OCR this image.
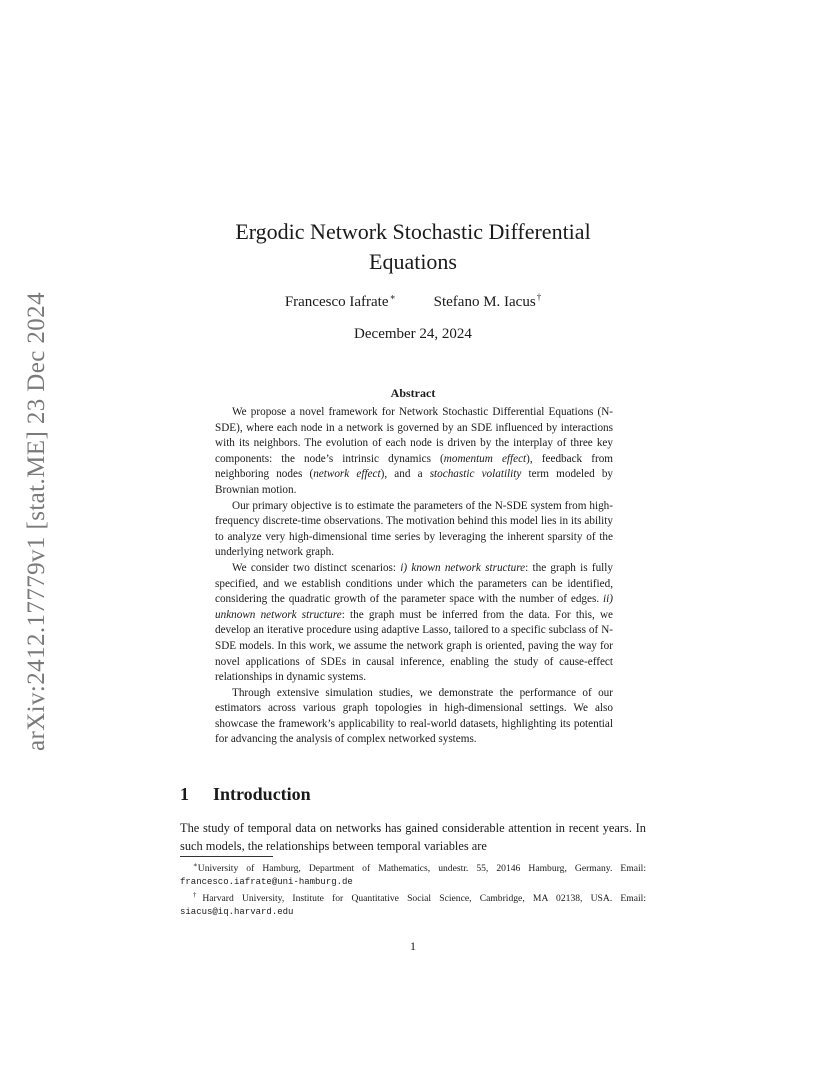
arXiv:2412.17779v1 [stat.ME] 23 Dec 2024
Ergodic Network Stochastic Differential
Equations
Francesco Iafrate∗	Stefano M. Iacus†
December 24, 2024
Abstract

We propose a novel framework for Network Stochastic Differential Equations (N-SDE), where each node in a network is governed by an SDE influenced by interactions with its neighbors. The evolution of each node is driven by the interplay of three key components: the node’s intrinsic dynamics (momentum effect), feedback from neighboring nodes (network effect), and a stochastic volatility term modeled by Brownian motion.

Our primary objective is to estimate the parameters of the N-SDE system from high-frequency discrete-time observations. The motivation behind this model lies in its ability to analyze very high-dimensional time series by leveraging the inherent sparsity of the underlying network graph.

We consider two distinct scenarios: i) known network structure: the graph is fully specified, and we establish conditions under which the parameters can be identified, considering the quadratic growth of the parameter space with the number of edges. ii) unknown network structure: the graph must be inferred from the data. For this, we develop an iterative procedure using adaptive Lasso, tailored to a specific subclass of N-SDE models. In this work, we assume the network graph is oriented, paving the way for novel applications of SDEs in causal inference, enabling the study of cause-effect relationships in dynamic systems.

Through extensive simulation studies, we demonstrate the performance of our estimators across various graph topologies in high-dimensional settings. We also showcase the framework’s applicability to real-world datasets, highlighting its potential for advancing the analysis of complex networked systems.

1 Introduction

The study of temporal data on networks has gained considerable attention in recent years. In such models, the relationships between temporal variables are

∗University of Hamburg, Department of Mathematics, undestr. 55, 20146 Hamburg, Germany. Email: francesco.iafrate@uni-hamburg.de

†Harvard University, Institute for Quantitative Social Science, Cambridge, MA 02138, USA. Email: siacus@iq.harvard.edu

1
